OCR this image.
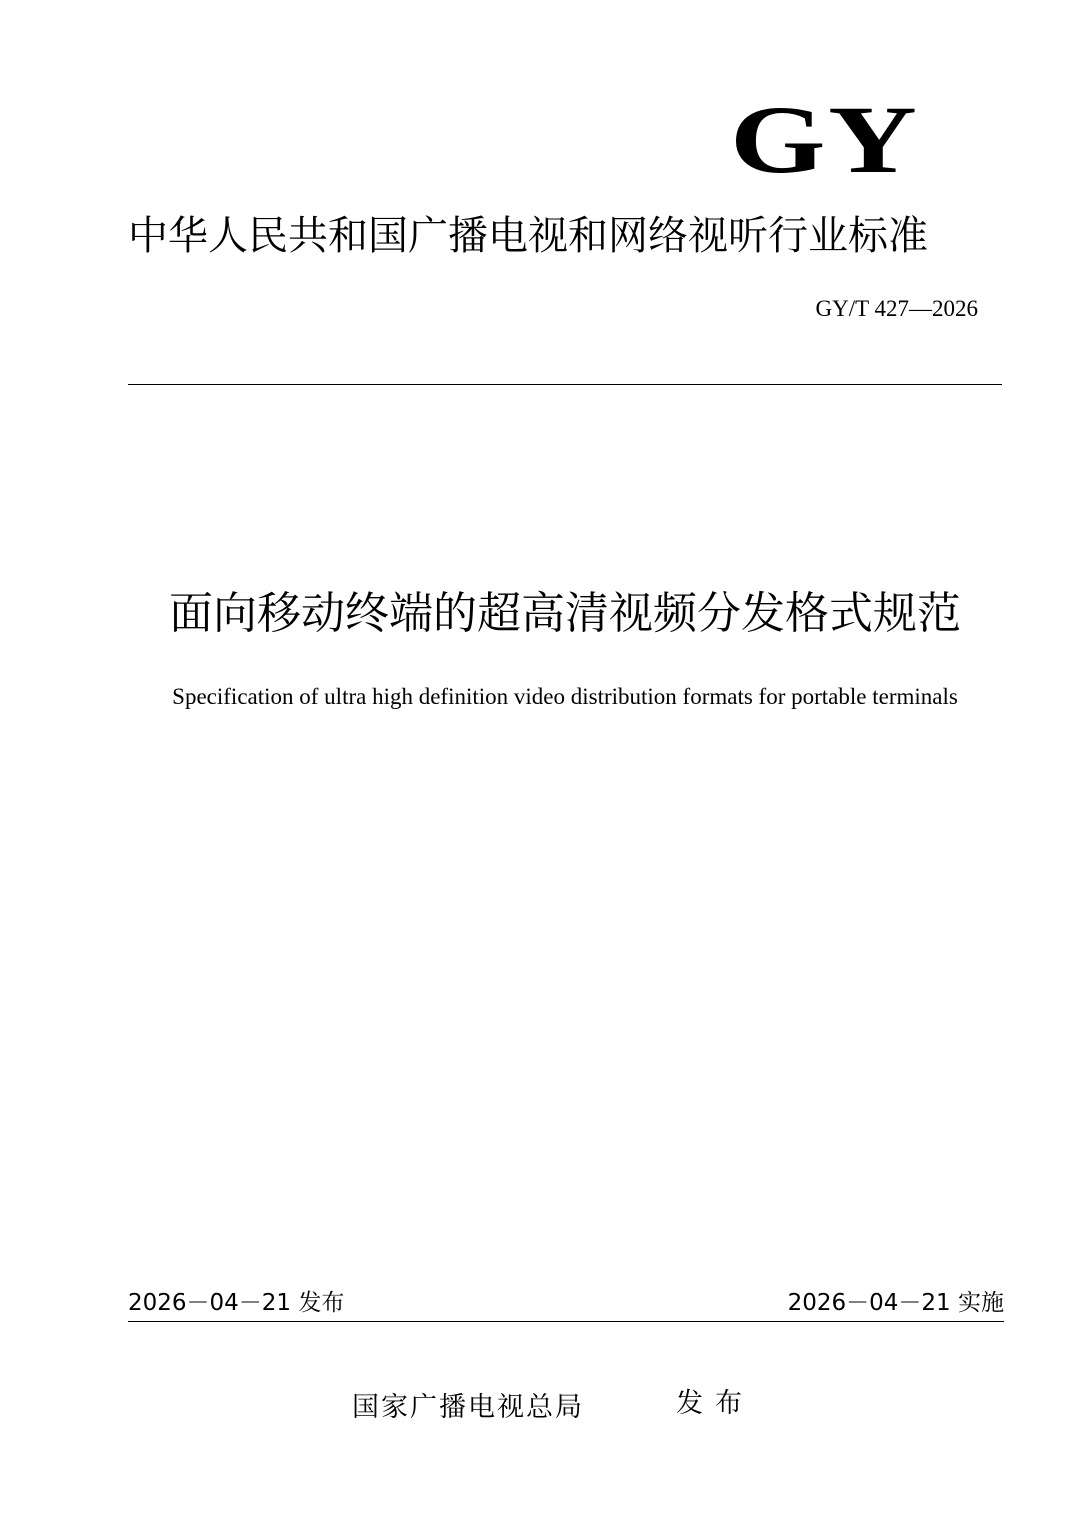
GY
中华人民共和国广播电视和网络视听行业标准
GY/T 427—2026
面向移动终端的超高清视频分发格式规范
Specification of ultra high definition video distribution formats for portable terminals
2026－04－21 发布	2026－04－21 实施
国家广播电视总局	发布
